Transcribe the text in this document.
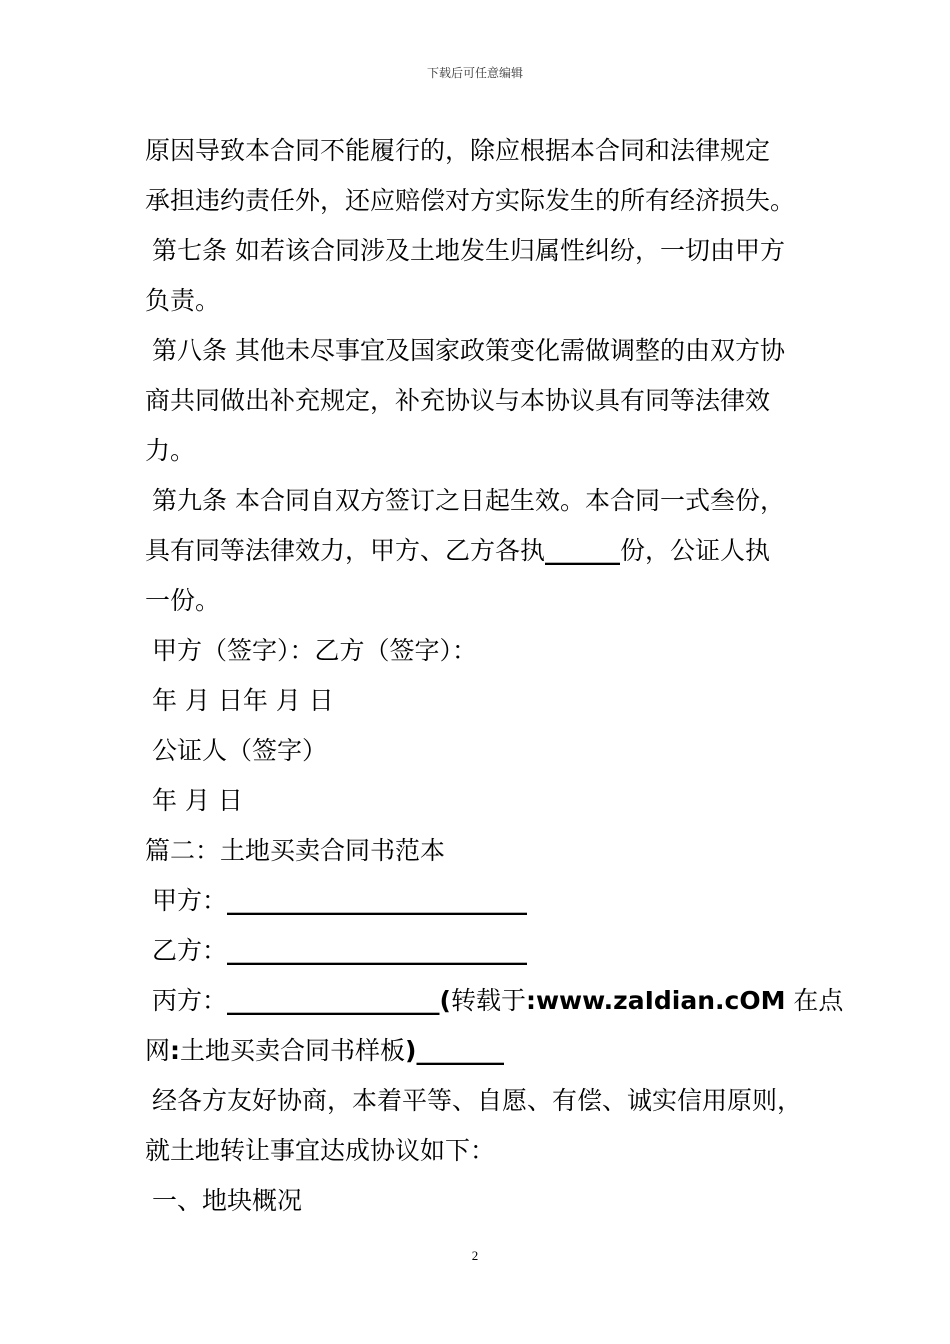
下载后可任意编辑

原因导致本合同不能履行的，除应根据本合同和法律规定

承担违约责任外，还应赔偿对方实际发生的所有经济损失。

第七条 如若该合同涉及土地发生归属性纠纷，一切由甲方

负责。

第八条 其他未尽事宜及国家政策变化需做调整的由双方协

商共同做出补充规定，补充协议与本协议具有同等法律效

力。

第九条 本合同自双方签订之日起生效。本合同一式叁份，

具有同等法律效力，甲方、乙方各执______份，公证人执

一份。

甲方（签字）：乙方（签字）：

年 月 日年 月 日

公证人（签字）

年 月 日

篇二：土地买卖合同书范本

甲方：________________________

乙方：________________________

丙方：_________________(转载于:www.zaIdian.cOM 在点

网:土地买卖合同书样板)_______

经各方友好协商，本着平等、自愿、有偿、诚实信用原则，

就土地转让事宜达成协议如下：

一、地块概况

2
